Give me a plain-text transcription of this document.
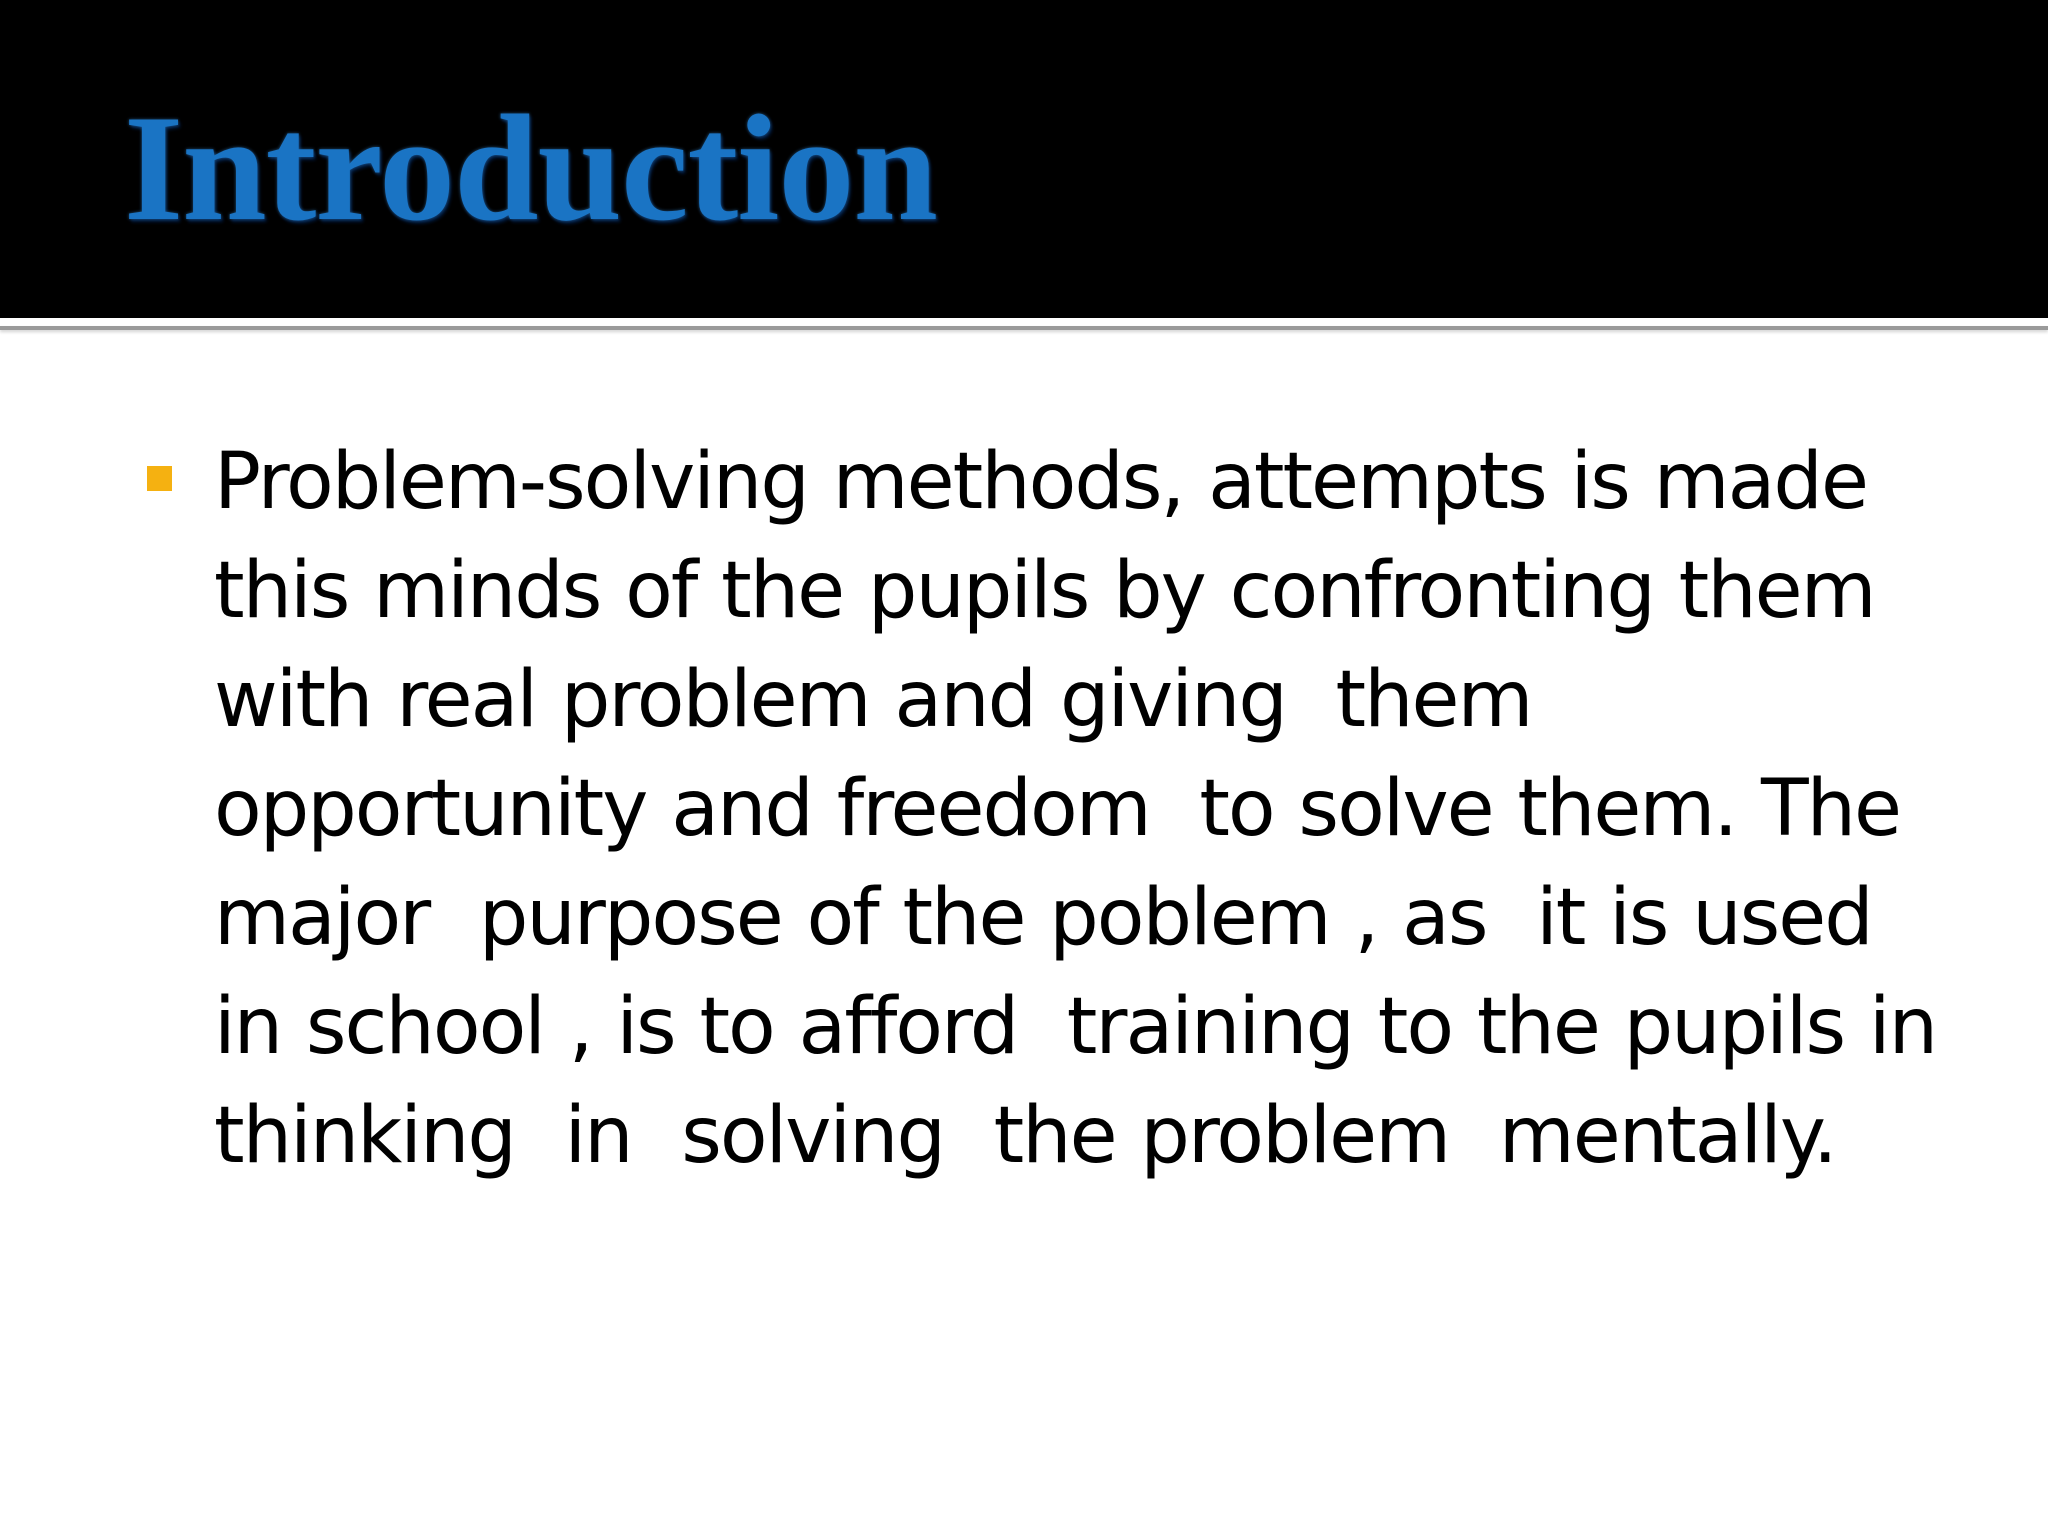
Introduction

Problem-solving methods, attempts is made
this minds of the pupils by confronting them
with real problem and giving  them
opportunity and freedom  to solve them. The
major  purpose of the poblem , as  it is used
in school , is to afford  training to the pupils in
thinking  in  solving  the problem  mentally.
